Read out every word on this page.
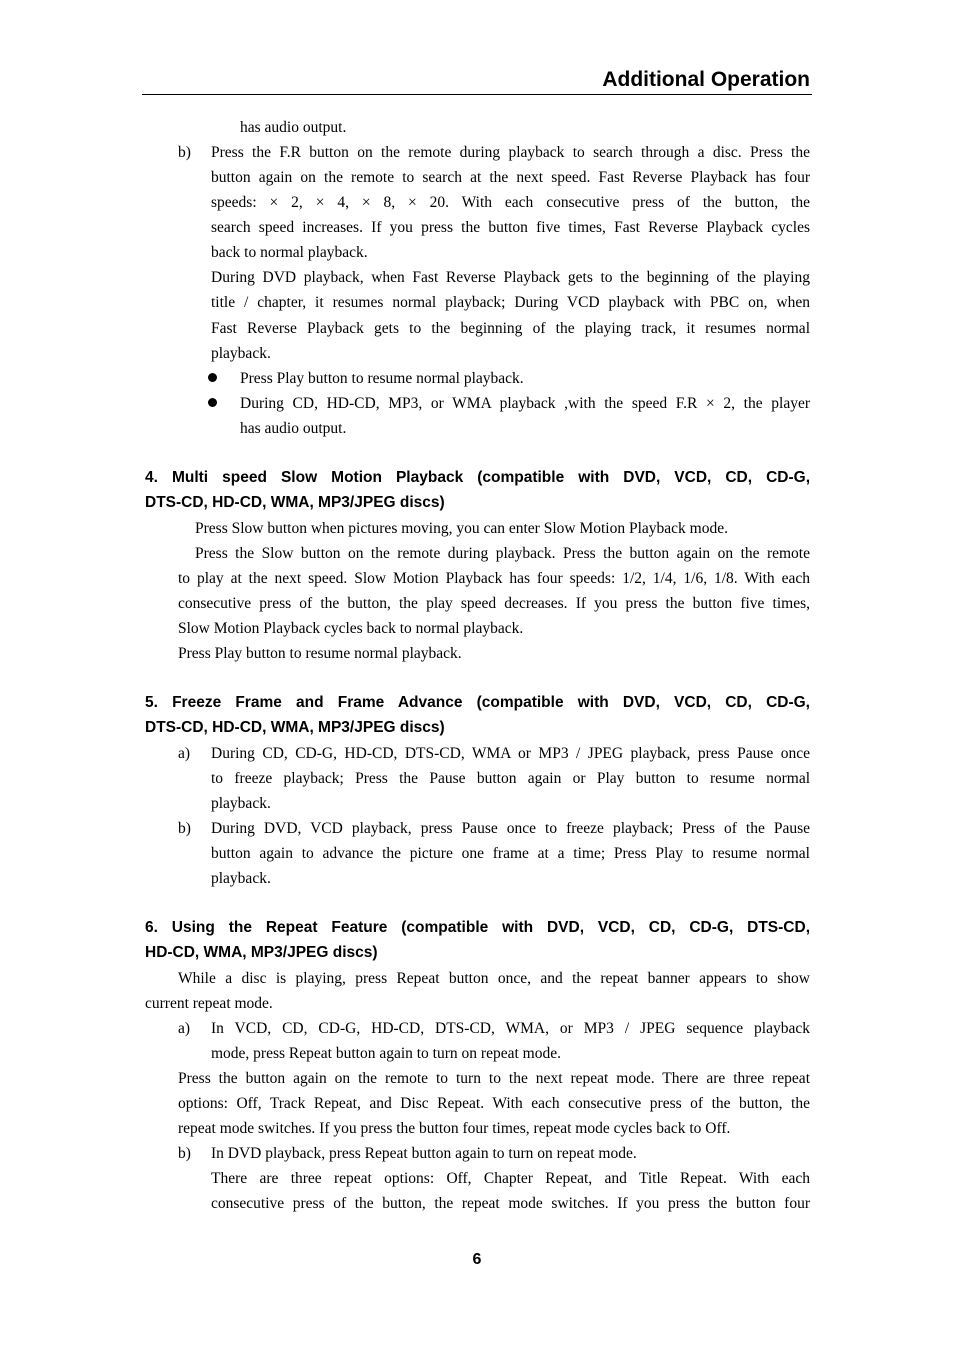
Additional Operation
has audio output.
b) Press the F.R button on the remote during playback to search through a disc. Press the
button again on the remote to search at the next speed. Fast Reverse Playback has four
speeds: × 2, × 4, × 8, × 20. With each consecutive press of the button, the
search speed increases. If you press the button five times, Fast Reverse Playback cycles
back to normal playback.
During DVD playback, when Fast Reverse Playback gets to the beginning of the playing
title / chapter, it resumes normal playback; During VCD playback with PBC on, when
Fast Reverse Playback gets to the beginning of the playing track, it resumes normal
playback.
Press Play button to resume normal playback.
During CD, HD-CD, MP3, or WMA playback ,with the speed F.R × 2, the player
has audio output.
4. Multi speed Slow Motion Playback (compatible with DVD, VCD, CD, CD-G,
DTS-CD, HD-CD, WMA, MP3/JPEG discs)
Press Slow button when pictures moving, you can enter Slow Motion Playback mode.
Press the Slow button on the remote during playback. Press the button again on the remote
to play at the next speed. Slow Motion Playback has four speeds: 1/2, 1/4, 1/6, 1/8. With each
consecutive press of the button, the play speed decreases. If you press the button five times,
Slow Motion Playback cycles back to normal playback.
Press Play button to resume normal playback.
5. Freeze Frame and Frame Advance (compatible with DVD, VCD, CD, CD-G,
DTS-CD, HD-CD, WMA, MP3/JPEG discs)
a) During CD, CD-G, HD-CD, DTS-CD, WMA or MP3 / JPEG playback, press Pause once
to freeze playback; Press the Pause button again or Play button to resume normal
playback.
b) During DVD, VCD playback, press Pause once to freeze playback; Press of the Pause
button again to advance the picture one frame at a time; Press Play to resume normal
playback.
6. Using the Repeat Feature (compatible with DVD, VCD, CD, CD-G, DTS-CD,
HD-CD, WMA, MP3/JPEG discs)
While a disc is playing, press Repeat button once, and the repeat banner appears to show
current repeat mode.
a) In VCD, CD, CD-G, HD-CD, DTS-CD, WMA, or MP3 / JPEG sequence playback
mode, press Repeat button again to turn on repeat mode.
Press the button again on the remote to turn to the next repeat mode. There are three repeat
options: Off, Track Repeat, and Disc Repeat. With each consecutive press of the button, the
repeat mode switches. If you press the button four times, repeat mode cycles back to Off.
b) In DVD playback, press Repeat button again to turn on repeat mode.
There are three repeat options: Off, Chapter Repeat, and Title Repeat. With each
consecutive press of the button, the repeat mode switches. If you press the button four
6
